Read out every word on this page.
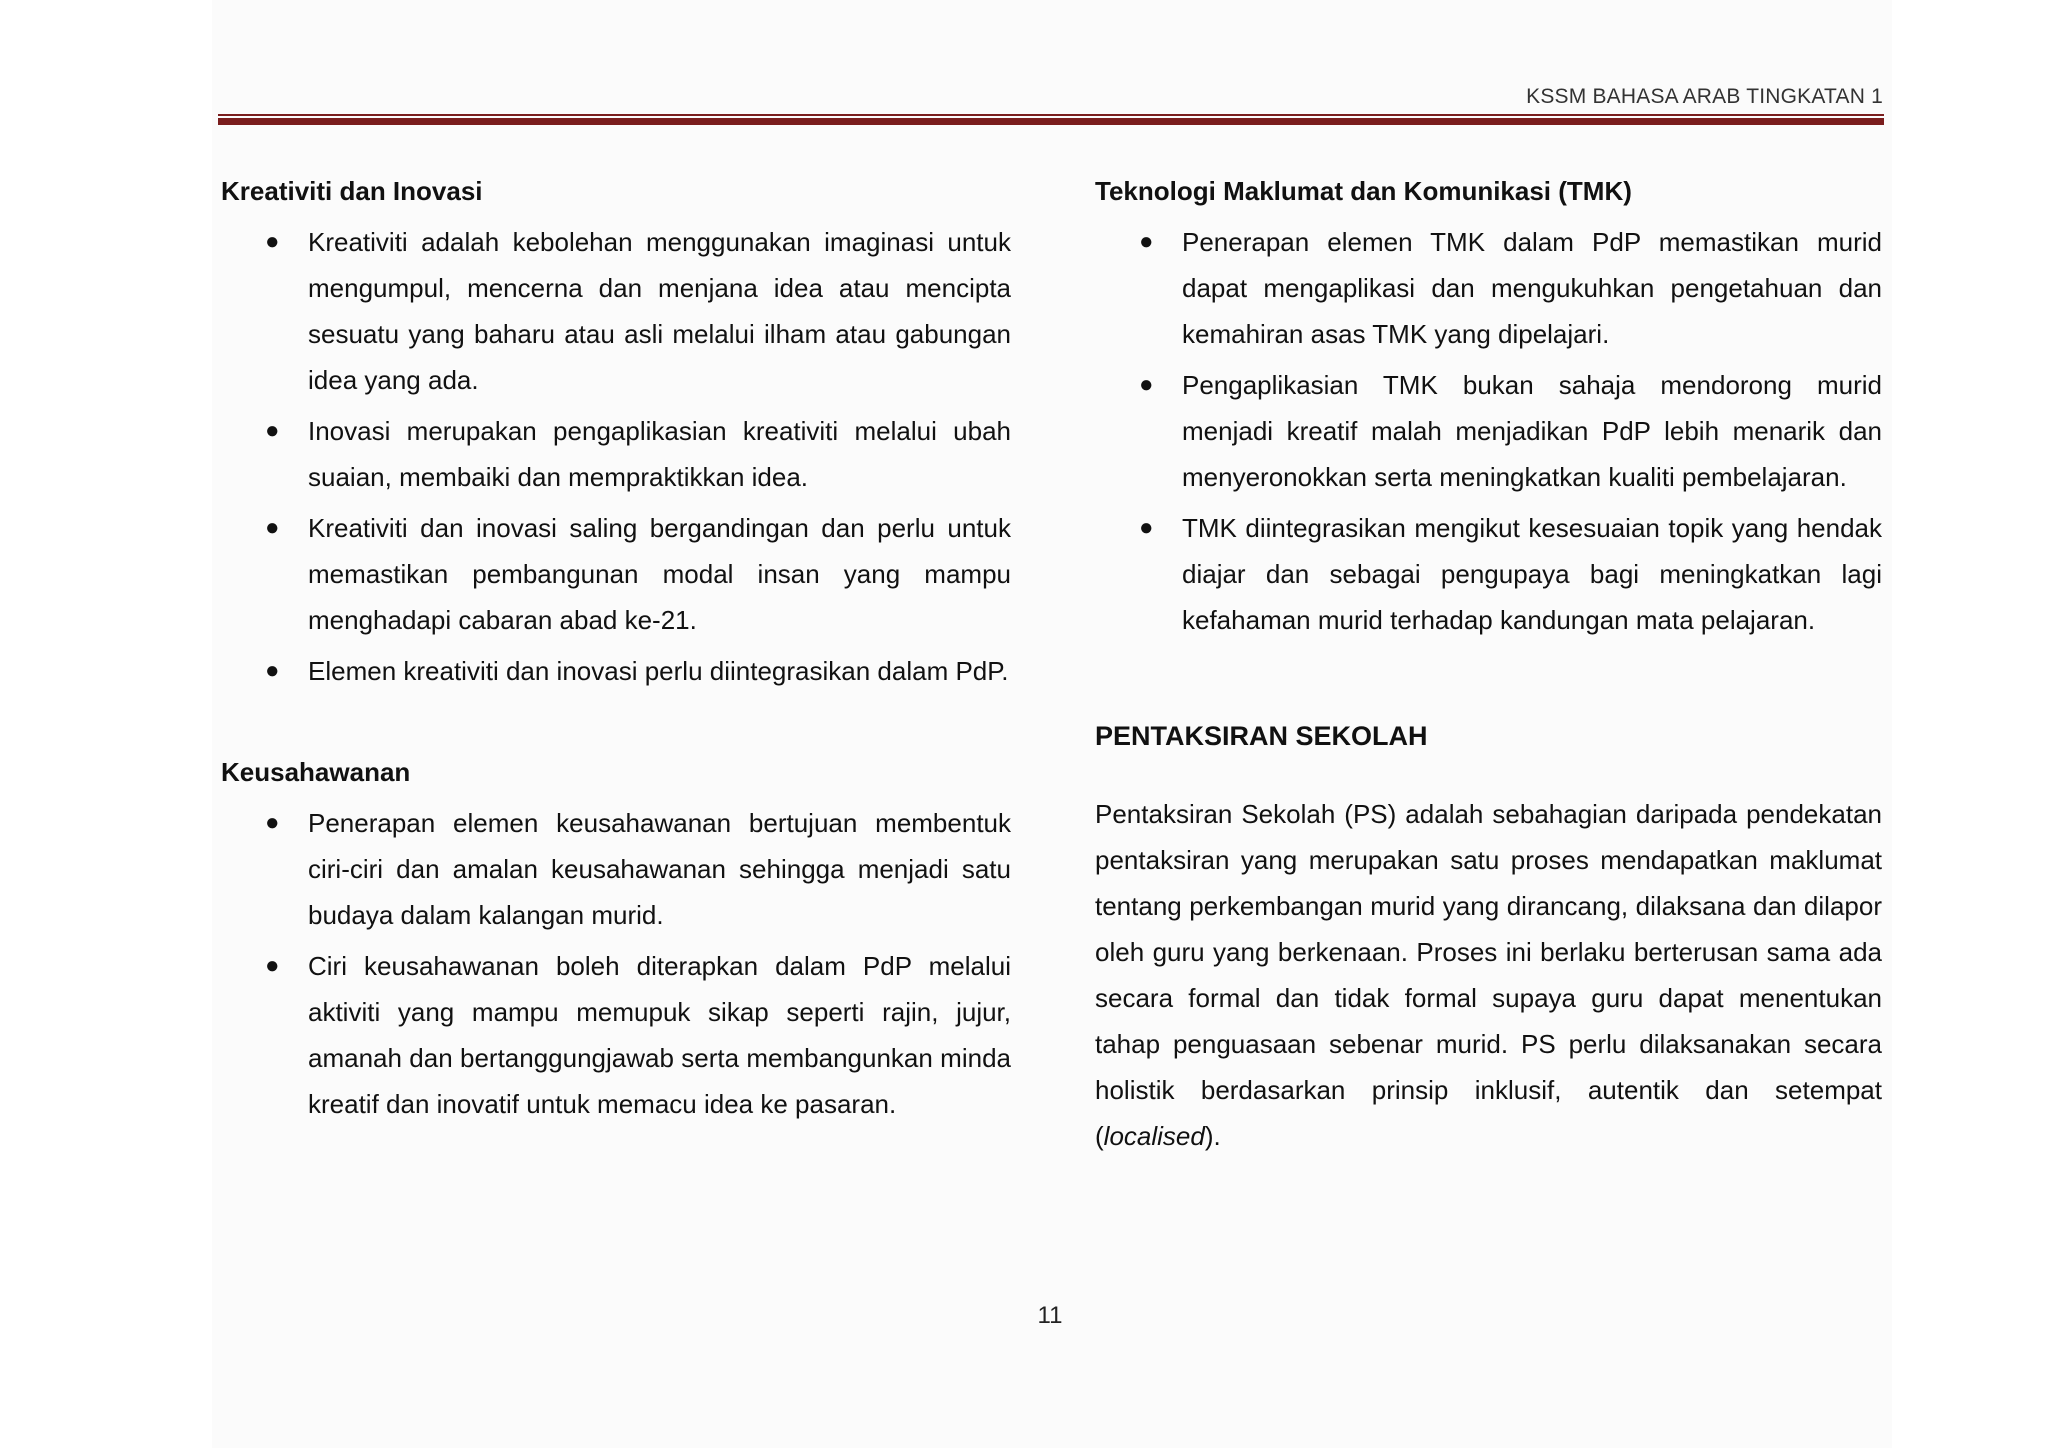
KSSM BAHASA ARAB TINGKATAN 1

Kreativiti dan Inovasi

● Kreativiti adalah kebolehan menggunakan imaginasi untuk mengumpul, mencerna dan menjana idea atau mencipta sesuatu yang baharu atau asli melalui ilham atau gabungan idea yang ada.
● Inovasi merupakan pengaplikasian kreativiti melalui ubah suaian, membaiki dan mempraktikkan idea.
● Kreativiti dan inovasi saling bergandingan dan perlu untuk memastikan pembangunan modal insan yang mampu menghadapi cabaran abad ke-21.
● Elemen kreativiti dan inovasi perlu diintegrasikan dalam PdP.

Keusahawanan

● Penerapan elemen keusahawanan bertujuan membentuk ciri-ciri dan amalan keusahawanan sehingga menjadi satu budaya dalam kalangan murid.
● Ciri keusahawanan boleh diterapkan dalam PdP melalui aktiviti yang mampu memupuk sikap seperti rajin, jujur, amanah dan bertanggungjawab serta membangunkan minda kreatif dan inovatif untuk memacu idea ke pasaran.

Teknologi Maklumat dan Komunikasi (TMK)

● Penerapan elemen TMK dalam PdP memastikan murid dapat mengaplikasi dan mengukuhkan pengetahuan dan kemahiran asas TMK yang dipelajari.
● Pengaplikasian TMK bukan sahaja mendorong murid menjadi kreatif malah menjadikan PdP lebih menarik dan menyeronokkan serta meningkatkan kualiti pembelajaran.
● TMK diintegrasikan mengikut kesesuaian topik yang hendak diajar dan sebagai pengupaya bagi meningkatkan lagi kefahaman murid terhadap kandungan mata pelajaran.

PENTAKSIRAN SEKOLAH

Pentaksiran Sekolah (PS) adalah sebahagian daripada pendekatan pentaksiran yang merupakan satu proses mendapatkan maklumat tentang perkembangan murid yang dirancang, dilaksana dan dilapor oleh guru yang berkenaan. Proses ini berlaku berterusan sama ada secara formal dan tidak formal supaya guru dapat menentukan tahap penguasaan sebenar murid. PS perlu dilaksanakan secara holistik berdasarkan prinsip inklusif, autentik dan setempat (localised).

11
